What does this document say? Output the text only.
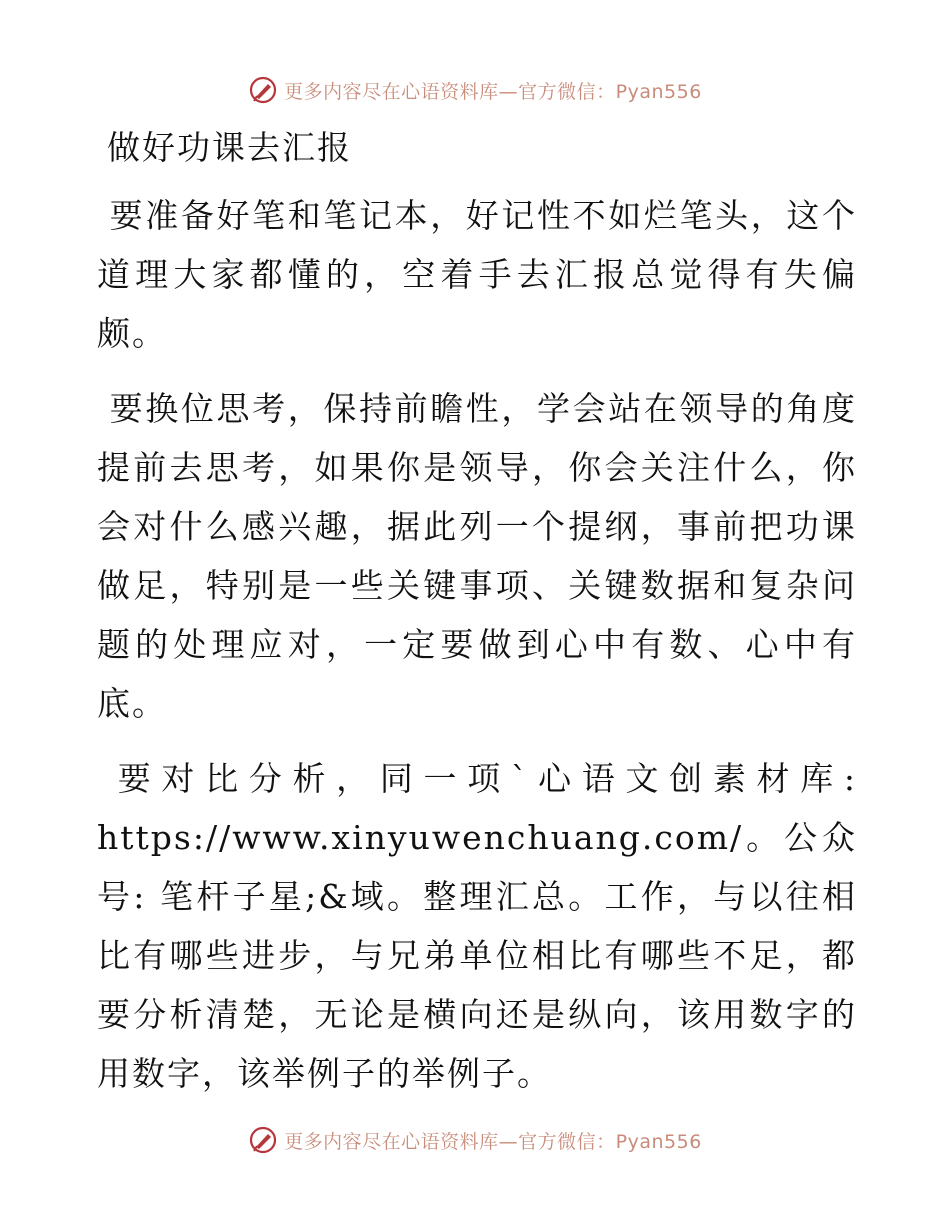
更多内容尽在心语资料库—官方微信：Pyan556
做好功课去汇报

要准备好笔和笔记本，好记性不如烂笔头，这个道理大家都懂的，空着手去汇报总觉得有失偏颇。

要换位思考，保持前瞻性，学会站在领导的角度提前去思考，如果你是领导，你会关注什么，你会对什么感兴趣，据此列一个提纲，事前把功课做足，特别是一些关键事项、关键数据和复杂问题的处理应对，一定要做到心中有数、心中有底。

要对比分析，同一项`心语文创素材库: https://www.xinyuwenchuang.com/。公众号: 笔杆子星;&域。整理汇总。工作，与以往相比有哪些进步，与兄弟单位相比有哪些不足，都要分析清楚，无论是横向还是纵向，该用数字的用数字，该举例子的举例子。

更多内容尽在心语资料库—官方微信：Pyan556
